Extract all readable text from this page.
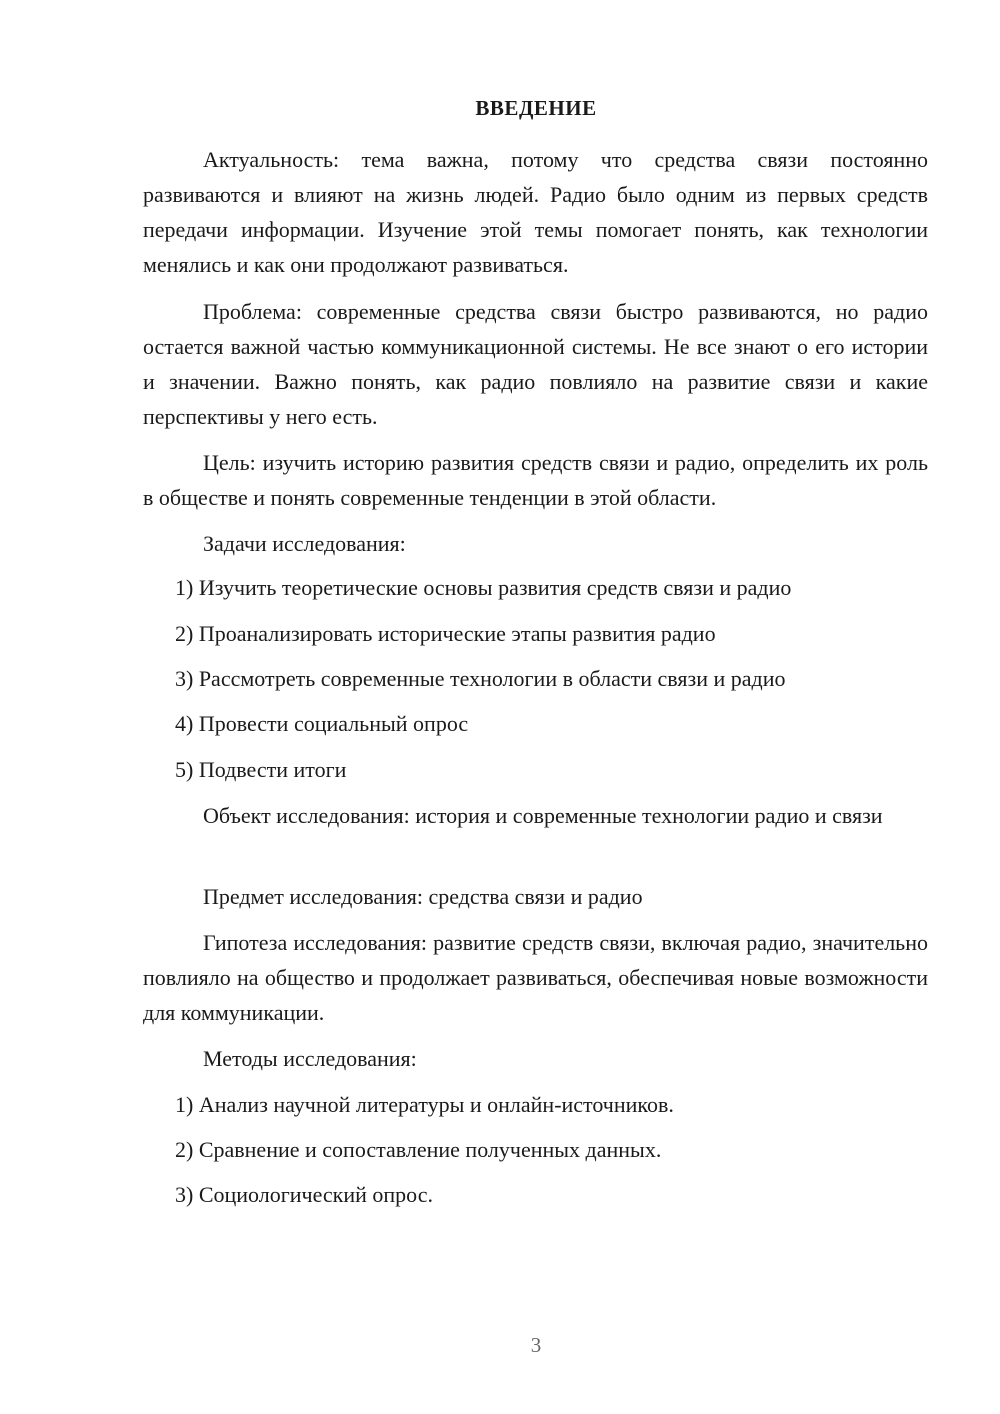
ВВЕДЕНИЕ

Актуальность: тема важна, потому что средства связи постоянно развиваются и влияют на жизнь людей. Радио было одним из первых средств передачи информации. Изучение этой темы помогает понять, как технологии менялись и как они продолжают развиваться.

Проблема: современные средства связи быстро развиваются, но радио остается важной частью коммуникационной системы. Не все знают о его истории и значении. Важно понять, как радио повлияло на развитие связи и какие перспективы у него есть.

Цель: изучить историю развития средств связи и радио, определить их роль в обществе и понять современные тенденции в этой области.

Задачи исследования:

1) Изучить теоретические основы развития средств связи и радио

2) Проанализировать исторические этапы развития радио

3) Рассмотреть современные технологии в области связи и радио

4) Провести социальный опрос

5) Подвести итоги

Объект исследования: история и современные технологии радио и связи

Предмет исследования: средства связи и радио

Гипотеза исследования: развитие средств связи, включая радио, значительно повлияло на общество и продолжает развиваться, обеспечивая новые возможности для коммуникации.

Методы исследования:

1) Анализ научной литературы и онлайн-источников.

2) Сравнение и сопоставление полученных данных.

3) Социологический опрос.

3
